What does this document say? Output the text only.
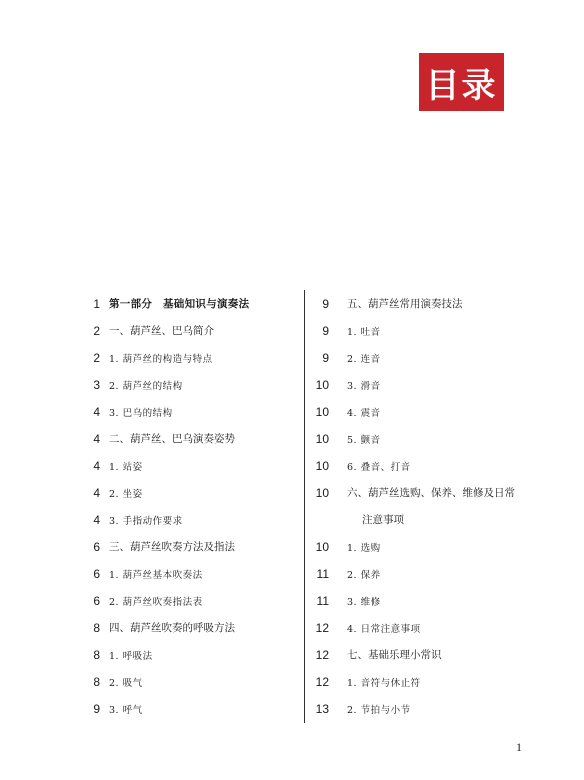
目录
1 第一部分　基础知识与演奏法
2 一、葫芦丝、巴乌简介
2 1. 葫芦丝的构造与特点
3 2. 葫芦丝的结构
4 3. 巴乌的结构
4 二、葫芦丝、巴乌演奏姿势
4 1. 站姿
4 2. 坐姿
4 3. 手指动作要求
6 三、葫芦丝吹奏方法及指法
6 1. 葫芦丝基本吹奏法
6 2. 葫芦丝吹奏指法表
8 四、葫芦丝吹奏的呼吸方法
8 1. 呼吸法
8 2. 吸气
9 3. 呼气
9 五、葫芦丝常用演奏技法
9 1. 吐音
9 2. 连音
10 3. 滑音
10 4. 震音
10 5. 颤音
10 6. 叠音、打音
10 六、葫芦丝选购、保养、维修及日常
注意事项
10 1. 选购
11 2. 保养
11 3. 维修
12 4. 日常注意事项
12 七、基础乐理小常识
12 1. 音符与休止符
13 2. 节拍与小节
1
